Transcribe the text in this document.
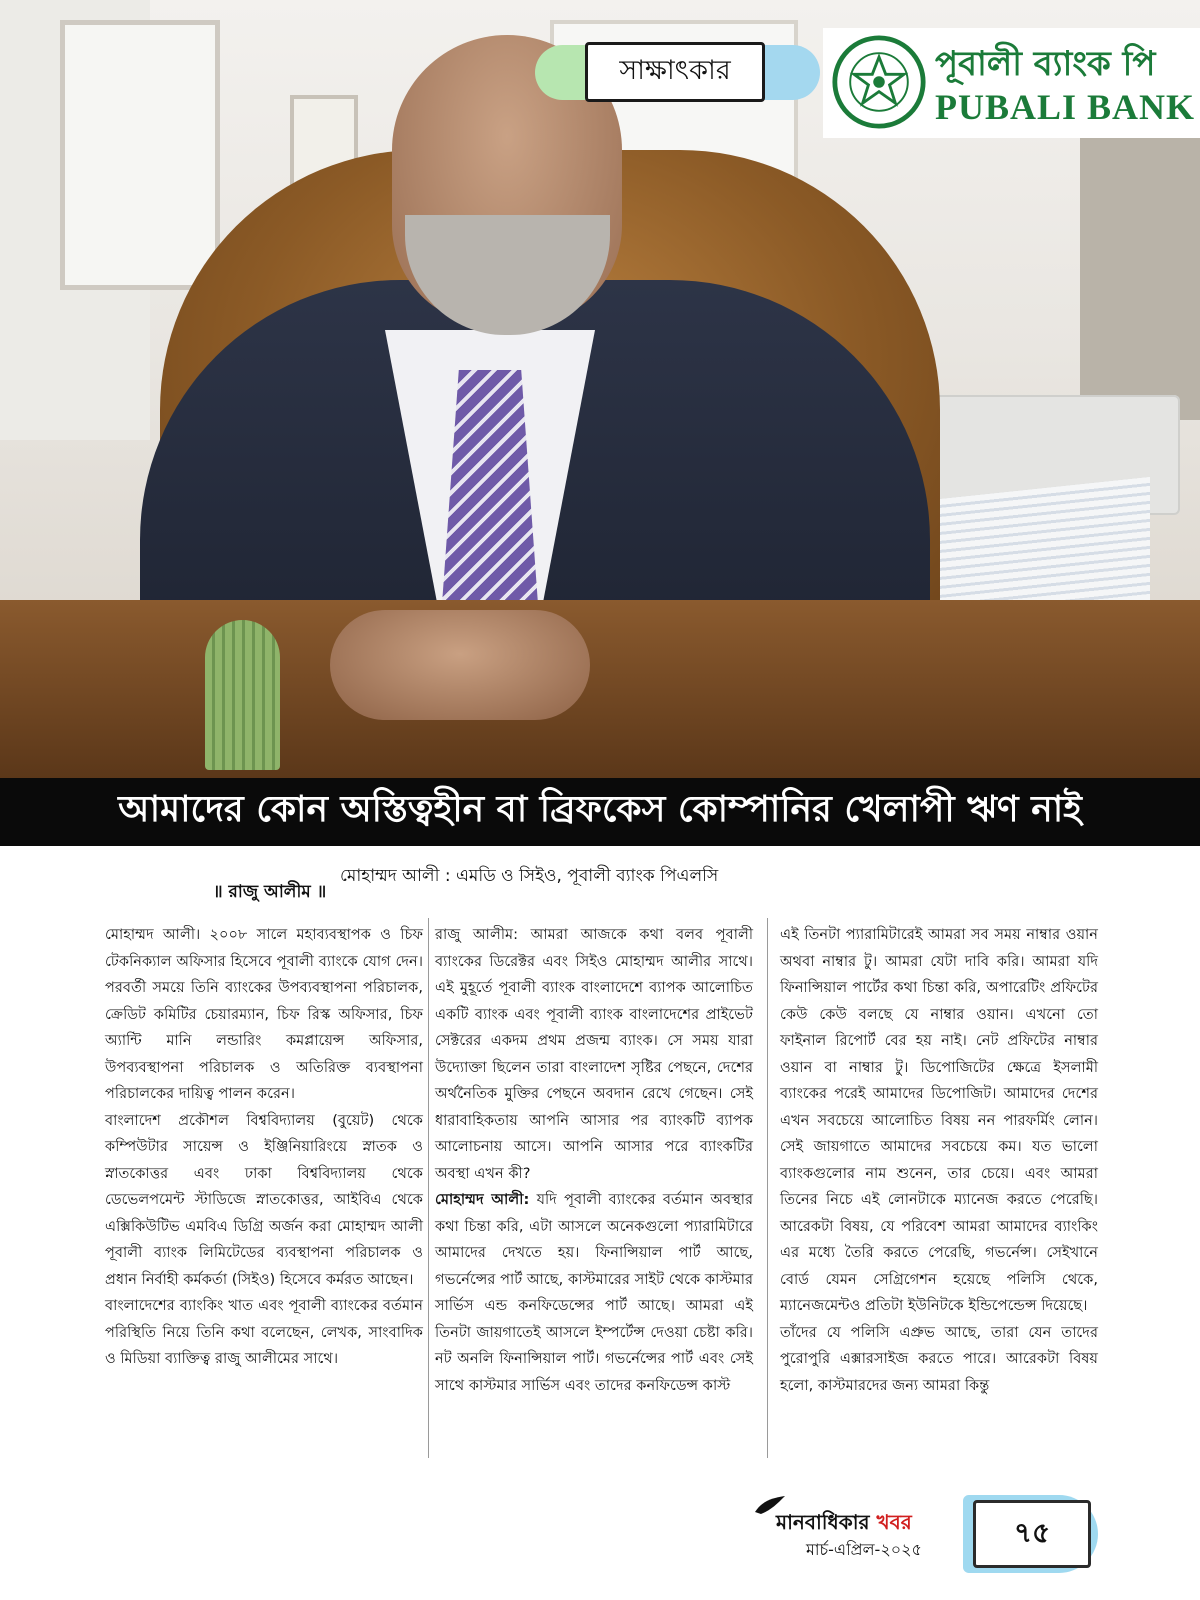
সাক্ষাৎকার	পূবালী ব্যাংক পি
PUBALI BANK
আমাদের কোন অস্তিত্বহীন বা ব্রিফকেস কোম্পানির খেলাপী ঋণ নাই
মোহাম্মদ আলী : এমডি ও সিইও, পূবালী ব্যাংক পিএলসি
॥ রাজু আলীম ॥

মোহাম্মদ আলী। ২০০৮ সালে মহাব্যবস্থাপক ও চিফ টেকনিক্যাল অফিসার হিসেবে পূবালী ব্যাংকে যোগ দেন। পরবর্তী সময়ে তিনি ব্যাংকের উপব্যবস্থাপনা পরিচালক, ক্রেডিট কমিটির চেয়ারম্যান, চিফ রিস্ক অফিসার, চিফ অ্যান্টি মানি লন্ডারিং কমপ্লায়েন্স অফিসার, উপব্যবস্থাপনা পরিচালক ও অতিরিক্ত ব্যবস্থাপনা পরিচালকের দায়িত্ব পালন করেন।

বাংলাদেশ প্রকৌশল বিশ্ববিদ্যালয় (বুয়েট) থেকে কম্পিউটার সায়েন্স ও ইঞ্জিনিয়ারিংয়ে স্নাতক ও স্নাতকোত্তর এবং ঢাকা বিশ্ববিদ্যালয় থেকে ডেভেলপমেন্ট স্টাডিজে স্নাতকোত্তর, আইবিএ থেকে এক্সিকিউটিভ এমবিএ ডিগ্রি অর্জন করা মোহাম্মদ আলী পূবালী ব্যাংক লিমিটেডের ব্যবস্থাপনা পরিচালক ও প্রধান নির্বাহী কর্মকর্তা (সিইও) হিসেবে কর্মরত আছেন।

বাংলাদেশের ব্যাংকিং খাত এবং পূবালী ব্যাংকের বর্তমান পরিস্থিতি নিয়ে তিনি কথা বলেছেন, লেখক, সাংবাদিক ও মিডিয়া ব্যাক্তিত্ব রাজু আলীমের সাথে।

রাজু আলীম: আমরা আজকে কথা বলব পূবালী ব্যাংকের ডিরেক্টর এবং সিইও মোহাম্মদ আলীর সাথে। এই মুহূর্তে পূবালী ব্যাংক বাংলাদেশে ব্যাপক আলোচিত একটি ব্যাংক এবং পূবালী ব্যাংক বাংলাদেশের প্রাইভেট সেক্টরের একদম প্রথম প্রজন্ম ব্যাংক। সে সময় যারা উদ্যোক্তা ছিলেন তারা বাংলাদেশ সৃষ্টির পেছনে, দেশের অর্থনৈতিক মুক্তির পেছনে অবদান রেখে গেছেন। সেই ধারাবাহিকতায় আপনি আসার পর ব্যাংকটি ব্যাপক আলোচনায় আসে। আপনি আসার পরে ব্যাংকটির অবস্থা এখন কী?

মোহাম্মদ আলী: যদি পূবালী ব্যাংকের বর্তমান অবস্থার কথা চিন্তা করি, এটা আসলে অনেকগুলো প্যারামিটারে আমাদের দেখতে হয়। ফিনান্সিয়াল পার্ট আছে, গভর্নেন্সের পার্ট আছে, কাস্টমারের সাইট থেকে কাস্টমার সার্ভিস এন্ড কনফিডেন্সের পার্ট আছে। আমরা এই তিনটা জায়গাতেই আসলে ইম্পর্টেন্স দেওয়া চেষ্টা করি। নট অনলি ফিনান্সিয়াল পার্ট। গভর্নেন্সের পার্ট এবং সেই সাথে কাস্টমার সার্ভিস এবং তাদের কনফিডেন্স কাস্ট

এই তিনটা প্যারামিটারেই আমরা সব সময় নাম্বার ওয়ান অথবা নাম্বার টু। আমরা যেটা দাবি করি। আমরা যদি ফিনান্সিয়াল পার্টের কথা চিন্তা করি, অপারেটিং প্রফিটের কেউ কেউ বলছে যে নাম্বার ওয়ান। এখনো তো ফাইনাল রিপোর্ট বের হয় নাই। নেট প্রফিটের নাম্বার ওয়ান বা নাম্বার টু। ডিপোজিটের ক্ষেত্রে ইসলামী ব্যাংকের পরেই আমাদের ডিপোজিট। আমাদের দেশের এখন সবচেয়ে আলোচিত বিষয় নন পারফর্মিং লোন। সেই জায়গাতে আমাদের সবচেয়ে কম। যত ভালো ব্যাংকগুলোর নাম শুনেন, তার চেয়ে। এবং আমরা তিনের নিচে এই লোনটাকে ম্যানেজ করতে পেরেছি। আরেকটা বিষয়, যে পরিবেশ আমরা আমাদের ব্যাংকিং এর মধ্যে তৈরি করতে পেরেছি, গভর্নেন্স। সেইখানে বোর্ড যেমন সেগ্রিগেশন হয়েছে পলিসি থেকে, ম্যানেজমেন্টও প্রতিটা ইউনিটকে ইন্ডিপেন্ডেন্স দিয়েছে।

তাঁদের যে পলিসি এপ্রুভ আছে, তারা যেন তাদের পুরোপুরি এক্সারসাইজ করতে পারে। আরেকটা বিষয় হলো, কাস্টমারদের জন্য আমরা কিন্তু

মানবাধিকার খবর
মার্চ-এপ্রিল-২০২৫
৭৫
